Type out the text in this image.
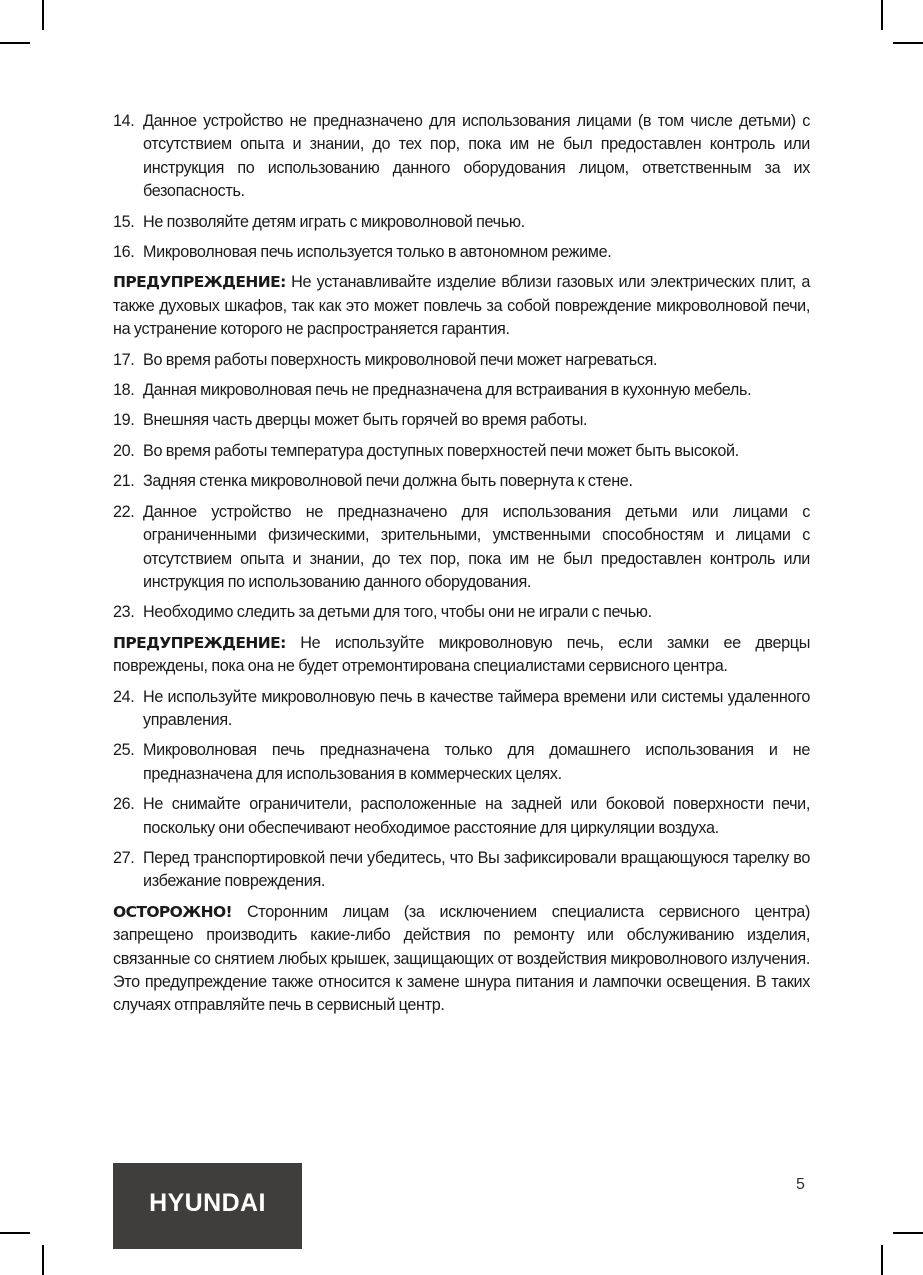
14. Данное устройство не предназначено для использования лицами (в том числе детьми) с отсутствием опыта и знании, до тех пор, пока им не был предоставлен контроль или инструкция по использованию данного оборудования лицом, ответственным за их безопасность.
15. Не позволяйте детям играть с микроволновой печью.
16. Микроволновая печь используется только в автономном режиме.
ПРЕДУПРЕЖДЕНИЕ: Не устанавливайте изделие вблизи газовых или электрических плит, а также духовых шкафов, так как это может повлечь за собой повреждение микроволновой печи, на устранение которого не распространяется гарантия.
17. Во время работы поверхность микроволновой печи может нагреваться.
18. Данная микроволновая печь не предназначена для встраивания в кухонную мебель.
19. Внешняя часть дверцы может быть горячей во время работы.
20. Во время работы температура доступных поверхностей печи может быть высокой.
21. Задняя стенка микроволновой печи должна быть повернута к стене.
22. Данное устройство не предназначено для использования детьми или лицами с ограниченными физическими, зрительными, умственными способностям и лицами с отсутствием опыта и знании, до тех пор, пока им не был предоставлен контроль или инструкция по использованию данного оборудования.
23. Необходимо следить за детьми для того, чтобы они не играли с печью.
ПРЕДУПРЕЖДЕНИЕ: Не используйте микроволновую печь, если замки ее дверцы повреждены, пока она не будет отремонтирована специалистами сервисного центра.
24. Не используйте микроволновую печь в качестве таймера времени или системы удаленного управления.
25. Микроволновая печь предназначена только для домашнего использования и не предназначена для использования в коммерческих целях.
26. Не снимайте ограничители, расположенные на задней или боковой поверхности печи, поскольку они обеспечивают необходимое расстояние для циркуляции воздуха.
27. Перед транспортировкой печи убедитесь, что Вы зафиксировали вращающуюся тарелку во избежание повреждения.
ОСТОРОЖНО! Сторонним лицам (за исключением специалиста сервисного центра) запрещено производить какие-либо действия по ремонту или обслуживанию изделия, связанные со снятием любых крышек, защищающих от воздействия микроволнового излучения. Это предупреждение также относится к замене шнура питания и лампочки освещения. В таких случаях отправляйте печь в сервисный центр.
HYUNDAI
5
